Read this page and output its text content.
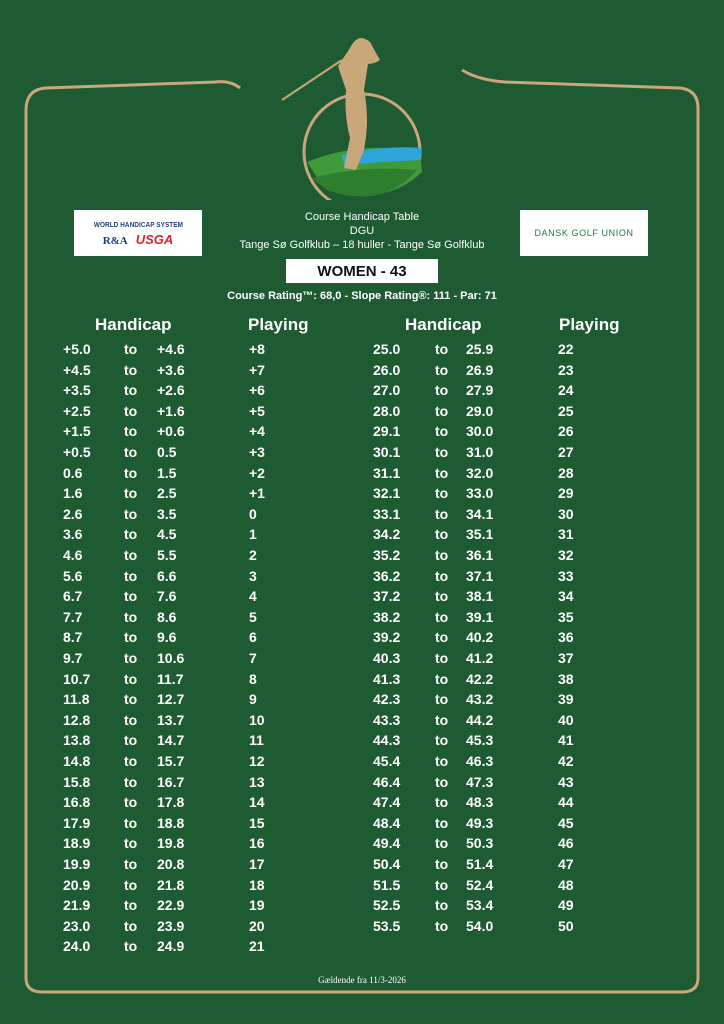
WORLD HANDICAP SYSTEM
R&A USGA	DANSK GOLF UNION
Course Handicap Table
DGU
Tange Sø Golfklub – 18 huller - Tange Sø Golfklub
WOMEN - 43
Course Rating™: 68,0 - Slope Rating®: 111 - Par: 71
Handicap	Playing	Handicap	Playing
+5.0 to +4.6	+8
+4.5 to +3.6	+7
+3.5 to +2.6	+6
+2.5 to +1.6	+5
+1.5 to +0.6	+4
+0.5 to 0.5	+3
0.6	to 1.5	+2
1.6	to 2.5	+1
2.6	to 3.5	0
3.6	to 4.5	1
4.6	to 5.5	2
5.6	to 6.6	3
6.7	to 7.6	4
7.7	to 8.6	5
8.7	to 9.6	6
9.7	to 10.6	7
10.7 to 11.7	8
11.8 to 12.7	9
12.8 to 13.7	10
13.8 to 14.7	11
14.8 to 15.7	12
15.8 to 16.7	13
16.8 to 17.8	14
17.9 to 18.8	15
18.9 to 19.8	16
19.9 to 20.8	17
20.9 to 21.8	18
21.9 to 22.9	19
23.0 to 23.9	20
24.0 to 24.9	21
25.0 to 25.9	22
26.0 to 26.9	23
27.0 to 27.9	24
28.0 to 29.0	25
29.1 to 30.0	26
30.1 to 31.0	27
31.1 to 32.0	28
32.1 to 33.0	29
33.1 to 34.1	30
34.2 to 35.1	31
35.2 to 36.1	32
36.2 to 37.1	33
37.2 to 38.1	34
38.2 to 39.1	35
39.2 to 40.2	36
40.3 to 41.2	37
41.3 to 42.2	38
42.3 to 43.2	39
43.3 to 44.2	40
44.3 to 45.3	41
45.4 to 46.3	42
46.4 to 47.3	43
47.4 to 48.3	44
48.4 to 49.3	45
49.4 to 50.3	46
50.4 to 51.4	47
51.5 to 52.4	48
52.5 to 53.4	49
53.5 to 54.0	50
Gældende fra 11/3-2026
